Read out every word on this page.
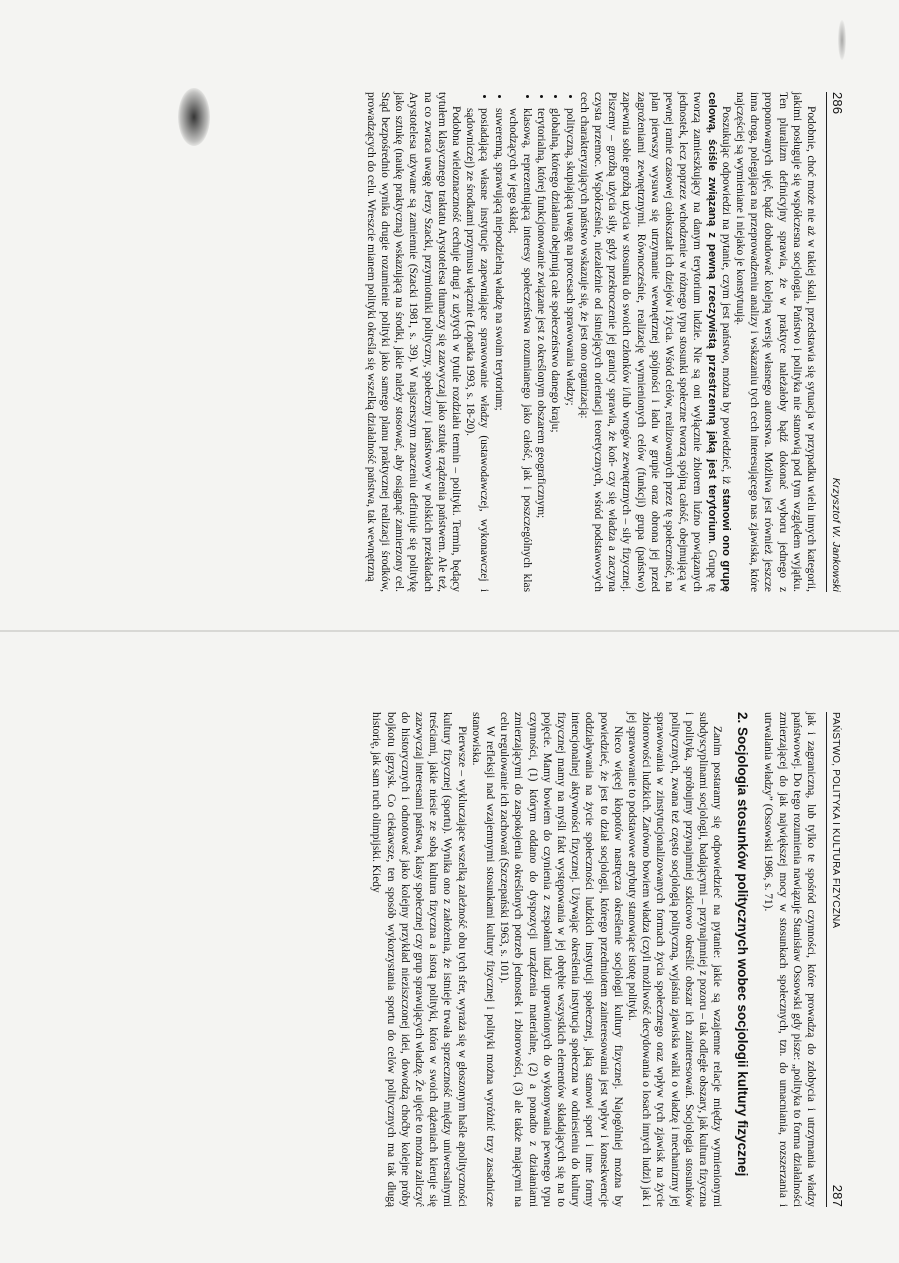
286
Krzysztof W. Jankowski

Podobnie, choć może nie aż w takiej skali, przedstawia się sytuacja w przypadku wielu innych kategorii, jakimi posługuje się współczesna socjologia. Państwo i polityka nie stanowią pod tym względem wyjątku. Ten pluralizm definicyjny sprawia, że w praktyce należałoby bądź dokonać wyboru jednego z proponowanych ujęć, bądź dobudować kolejną wersję własnego autorstwa. Możliwa jest również jeszcze inna droga, polegająca na przeprowadzeniu analizy i wskazaniu tych cech interesującego nas zjawiska, które najczęściej są wymieniane i niejako je konstytuują.

Poszukując odpowiedzi na pytanie, czym jest państwo, można by powiedzieć, iż stanowi ono grupę celową, ściśle związaną z pewną rzeczywistą przestrzenną jaką jest terytorium. Grupę tę tworzą zamieszkujący na danym terytorium ludzie. Nie są oni wyłącznie zbiorem luźno powiązanych jednostek, lecz poprzez wchodzenie w różnego typu stosunki społeczne tworzą spójną całość, obejmującą w pewnej ramie czasowej całokształt ich dziejów i życia. Wśród celów, realizowanych przez tę społeczność, na plan pierwszy wysuwa się utrzymanie wewnętrznej spójności i ładu w grupie oraz obrona jej przed zagrożeniami zewnętrznymi. Równocześnie, realizację wymienionych celów (funkcji) grupa (państwo) zapewnia sobie groźbą użycia w stosunku do swoich członków i/lub wrogów zewnętrznych – siły fizycznej. Piszemy – groźbą użycia siły, gdyż przekroczenie jej granicy sprawia, że koń- czy się władza a zaczyna czysta przemoc. Współcześnie, niezależnie od istniejących orientacji teoretycznych, wśród podstawowych cech charakteryzujących państwo wskazuje się, że jest ono organizacją:

• polityczną, skupiającą uwagę na procesach sprawowania władzy;
• globalną, którego działania obejmują całe społeczeństwo danego kraju;
• terytorialną, której funkcjonowanie związane jest z określonym obszarem geograficznym;
• klasową, reprezentującą interesy społeczeństwa rozumianego jako całość, jak i poszczególnych klas wchodzących w jego skład;
• suwerenną, sprawującą niepodzielną władzę na swoim terytorium;
• posiadającą własne instytucje zapewniające sprawowanie władzy (ustawodawczej, wykonawczej i sądowniczej) ze środkami przymusu włącznie (Łopatka 1993, s. 18-20).

Podobna wieloznaczność cechuje drugi z użytych w tytule rozdziału termin – polityki. Termin, będący tytułem klasycznego traktatu Arystotelesa tłumaczy się zazwyczaj jako sztukę rządzenia państwem. Ale też, na co zwraca uwagę Jerzy Szacki, przymiotniki polityczny, społeczny i państwowy w polskich przekładach Arystotelesa używane są zamiennie (Szacki 1981, s. 39). W najszerszym znaczeniu definiuje się politykę jako sztukę (naukę praktyczną) wskazującą na środki, jakie należy stosować, aby osiągnąć zamierzony cel. Stąd bezpośrednio wynika drugie rozumienie polityki jako samego planu praktycznej realizacji środków, prowadzących do celu. Wreszcie mianem polityki określa się wszelką działalność państwa, tak wewnętrzną

PAŃSTWO, POLITYKA I KULTURA FIZYCZNA
287

jak i zagraniczną, lub tylko te spośród czynności, które prowadzą do zdobycia i utrzymania władzy państwowej. Do tego rozumienia nawiązuje Stanisław Ossowski gdy pisze: „polityka to forma działalności zmierzającej do jak największej mocy w stosunkach społecznych, tzn. do umacniania, rozszerzania i utrwalania władzy” (Ossowski 1986, s. 71).

2. Socjologia stosunków politycznych wobec socjologii kultury fizycznej

Zanim postaramy się odpowiedzieć na pytanie: jakie są wzajemne relacje między wymienionymi subdyscyplinami socjologii, badającymi – przynajmniej z pozoru – tak odległe obszary, jak kultura fizyczna i polityka, spróbujmy przynajmniej szkicowo określić obszar ich zainteresowań. Socjologia stosunków politycznych, zwana też często socjologią polityczną, wyjaśnia zjawiska walki o władzę i mechanizmy jej sprawowania w zinstytucjonalizowanych formach życia społecznego oraz wpływ tych zjawisk na życie zbiorowości ludzkich. Zarówno bowiem władza (czyli możliwość decydowania o losach innych ludzi) jak i jej sprawowanie to podstawowe atrybuty stanowiące istotę polityki.

Nieco więcej kłopotów nastręcza określenie socjologii kultury fizycznej. Najogólniej można by powiedzieć, że jest to dział socjologii, którego przedmiotem zainteresowania jest wpływ i konsekwencje oddziaływania na życie społeczności ludzkich instytucji społecznej, jaką stanowi sport i inne formy intencjonalnej aktywności fizycznej. Używając określenia instytucja społeczna w odniesieniu do kultury fizycznej mamy na myśli fakt występowania w jej obrębie wszystkich elementów składających się na to pojęcie. Mamy bowiem do czynienia z zespołami ludzi uprawnionych do wykonywania pewnego typu czynności, (1) którym oddano do dyspozycji urządzenia materialne, (2) a ponadto z działaniami zmierzającymi do zaspokojenia określonych potrzeb jednostek i zbiorowości, (3) ale także mającymi na celu regulowanie ich zachowań (Szczepański 1963, s. 101).

W refleksji nad wzajemnymi stosunkami kultury fizycznej i polityki można wyróżnić trzy zasadnicze stanowiska.

Pierwsze – wykluczające wszelką zależność obu tych sfer, wyraża się w głoszonym haśle apolityczności kultury fizycznej (sportu). Wynika ono z założenia, że istnieje trwała sprzeczność między uniwersalnymi treściami, jakie niesie ze sobą kultura fizyczna a istotą polityki, która w swoich dążeniach kieruje się zazwyczaj interesami państwa, klasy społecznej czy grup sprawujących władzę. Że ujęcie to można zaliczyć do historycznych i odnotować jako kolejny przykład nieziszczonej idei, dowodzą choćby kolejne próby bojkotu igrzysk. Co ciekawsze, ten sposób wykorzystania sportu do celów politycznych ma tak długą historię, jak sam ruch olimpijski. Kiedy
